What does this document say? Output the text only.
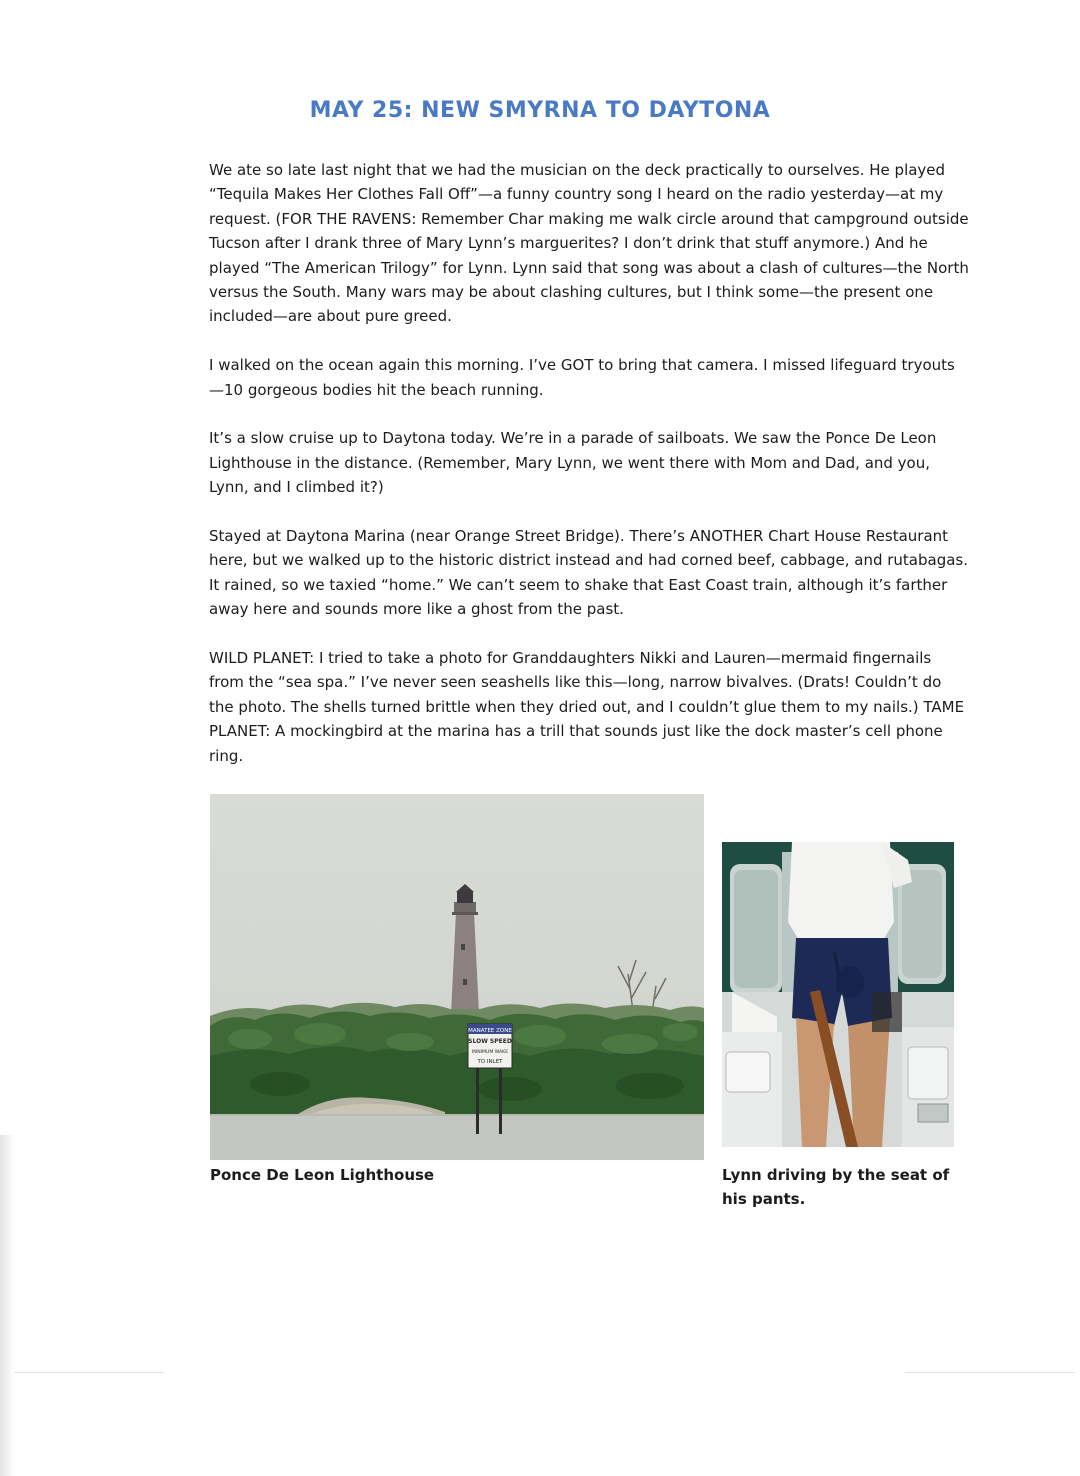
MAY 25: NEW SMYRNA TO DAYTONA

We ate so late last night that we had the musician on the deck practically to ourselves. He played “Tequila Makes Her Clothes Fall Off”—a funny country song I heard on the radio yesterday—at my request. (FOR THE RAVENS: Remember Char making me walk circle around that campground outside Tucson after I drank three of Mary Lynn’s marguerites? I don’t drink that stuff anymore.) And he played “The American Trilogy” for Lynn. Lynn said that song was about a clash of cultures—the North versus the South. Many wars may be about clashing cultures, but I think some—the present one included—are about pure greed.

I walked on the ocean again this morning. I’ve GOT to bring that camera. I missed lifeguard tryouts—10 gorgeous bodies hit the beach running.

It’s a slow cruise up to Daytona today. We’re in a parade of sailboats. We saw the Ponce De Leon Lighthouse in the distance. (Remember, Mary Lynn, we went there with Mom and Dad, and you, Lynn, and I climbed it?)

Stayed at Daytona Marina (near Orange Street Bridge). There’s ANOTHER Chart House Restaurant here, but we walked up to the historic district instead and had corned beef, cabbage, and rutabagas. It rained, so we taxied “home.” We can’t seem to shake that East Coast train, although it’s farther away here and sounds more like a ghost from the past.

WILD PLANET: I tried to take a photo for Granddaughters Nikki and Lauren—mermaid fingernails from the “sea spa.” I’ve never seen seashells like this—long, narrow bivalves. (Drats! Couldn’t do the photo. The shells turned brittle when they dried out, and I couldn’t glue them to my nails.) TAME PLANET: A mockingbird at the marina has a trill that sounds just like the dock master’s cell phone ring.

MANATEE ZONE
SLOW SPEED
MINIMUM WAKE
TO INLET
Ponce De Leon Lighthouse	Lynn driving by the seat of his pants.
